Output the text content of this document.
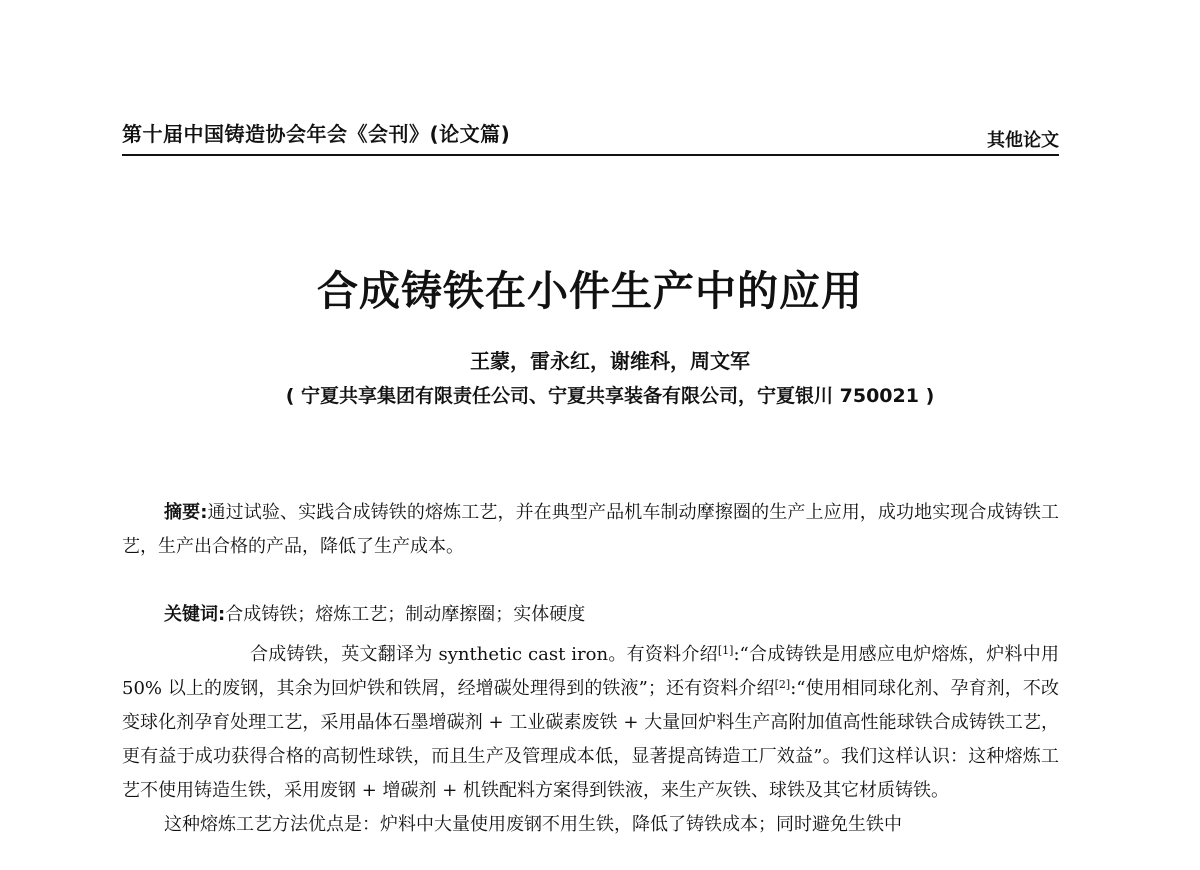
第十届中国铸造协会年会《会刊》(论文篇)	其他论文
合成铸铁在小件生产中的应用
王蒙，雷永红，谢维科，周文军
( 宁夏共享集团有限责任公司、宁夏共享装备有限公司，宁夏银川 750021 )
摘要:通过试验、实践合成铸铁的熔炼工艺，并在典型产品机车制动摩擦圈的生产上应用，成功地实现合成铸铁工艺，生产出合格的产品，降低了生产成本。
关键词:合成铸铁；熔炼工艺；制动摩擦圈；实体硬度

合成铸铁，英文翻译为 synthetic cast iron。有资料介绍[1]:“合成铸铁是用感应电炉熔炼，炉料中用 50% 以上的废钢，其余为回炉铁和铁屑，经增碳处理得到的铁液”；还有资料介绍[2]:“使用相同球化剂、孕育剂，不改变球化剂孕育处理工艺，采用晶体石墨增碳剂 + 工业碳素废铁 + 大量回炉料生产高附加值高性能球铁合成铸铁工艺，更有益于成功获得合格的高韧性球铁，而且生产及管理成本低，显著提高铸造工厂效益”。我们这样认识：这种熔炼工艺不使用铸造生铁，采用废钢 + 增碳剂 + 机铁配料方案得到铁液，来生产灰铁、球铁及其它材质铸铁。

这种熔炼工艺方法优点是：炉料中大量使用废钢不用生铁，降低了铸铁成本；同时避免生铁中
